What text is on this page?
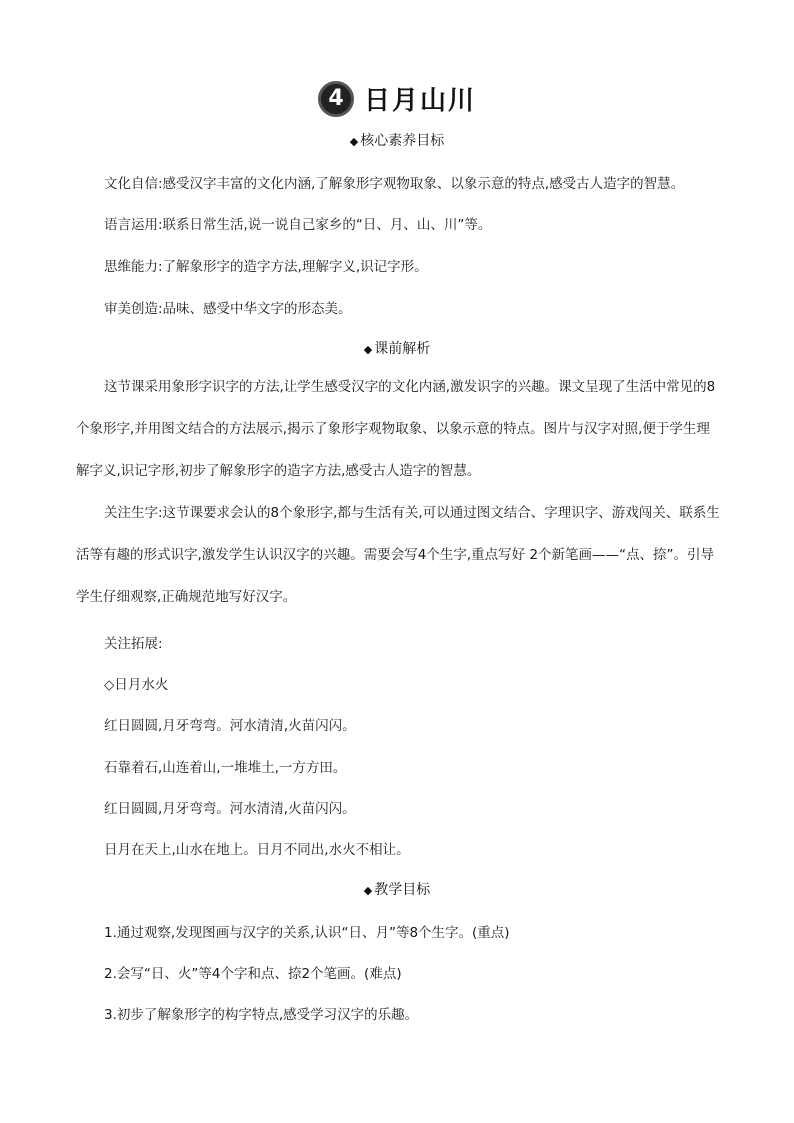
4 日月山川
◆ 核心素养目标
文化自信:感受汉字丰富的文化内涵,了解象形字观物取象、以象示意的特点,感受古人造字的智慧。
语言运用:联系日常生活,说一说自己家乡的“日、月、山、川”等。
思维能力:了解象形字的造字方法,理解字义,识记字形。
审美创造:品味、感受中华文字的形态美。
◆ 课前解析
这节课采用象形字识字的方法,让学生感受汉字的文化内涵,激发识字的兴趣。课文呈现了生活中常见的8个象形字,并用图文结合的方法展示,揭示了象形字观物取象、以象示意的特点。图片与汉字对照,便于学生理解字义,识记字形,初步了解象形字的造字方法,感受古人造字的智慧。
关注生字:这节课要求会认的8个象形字,都与生活有关,可以通过图文结合、字理识字、游戏闯关、联系生活等有趣的形式识字,激发学生认识汉字的兴趣。需要会写4个生字,重点写好 2个新笔画——“点、捺”。引导学生仔细观察,正确规范地写好汉字。
关注拓展:
◇日月水火
红日圆圆,月牙弯弯。河水清清,火苗闪闪。
石靠着石,山连着山,一堆堆土,一方方田。
红日圆圆,月牙弯弯。河水清清,火苗闪闪。
日月在天上,山水在地上。日月不同出,水火不相让。
◆ 教学目标
1.通过观察,发现图画与汉字的关系,认识“日、月”等8个生字。(重点)
2.会写“日、火”等4个字和点、捺2个笔画。(难点)
3.初步了解象形字的构字特点,感受学习汉字的乐趣。
